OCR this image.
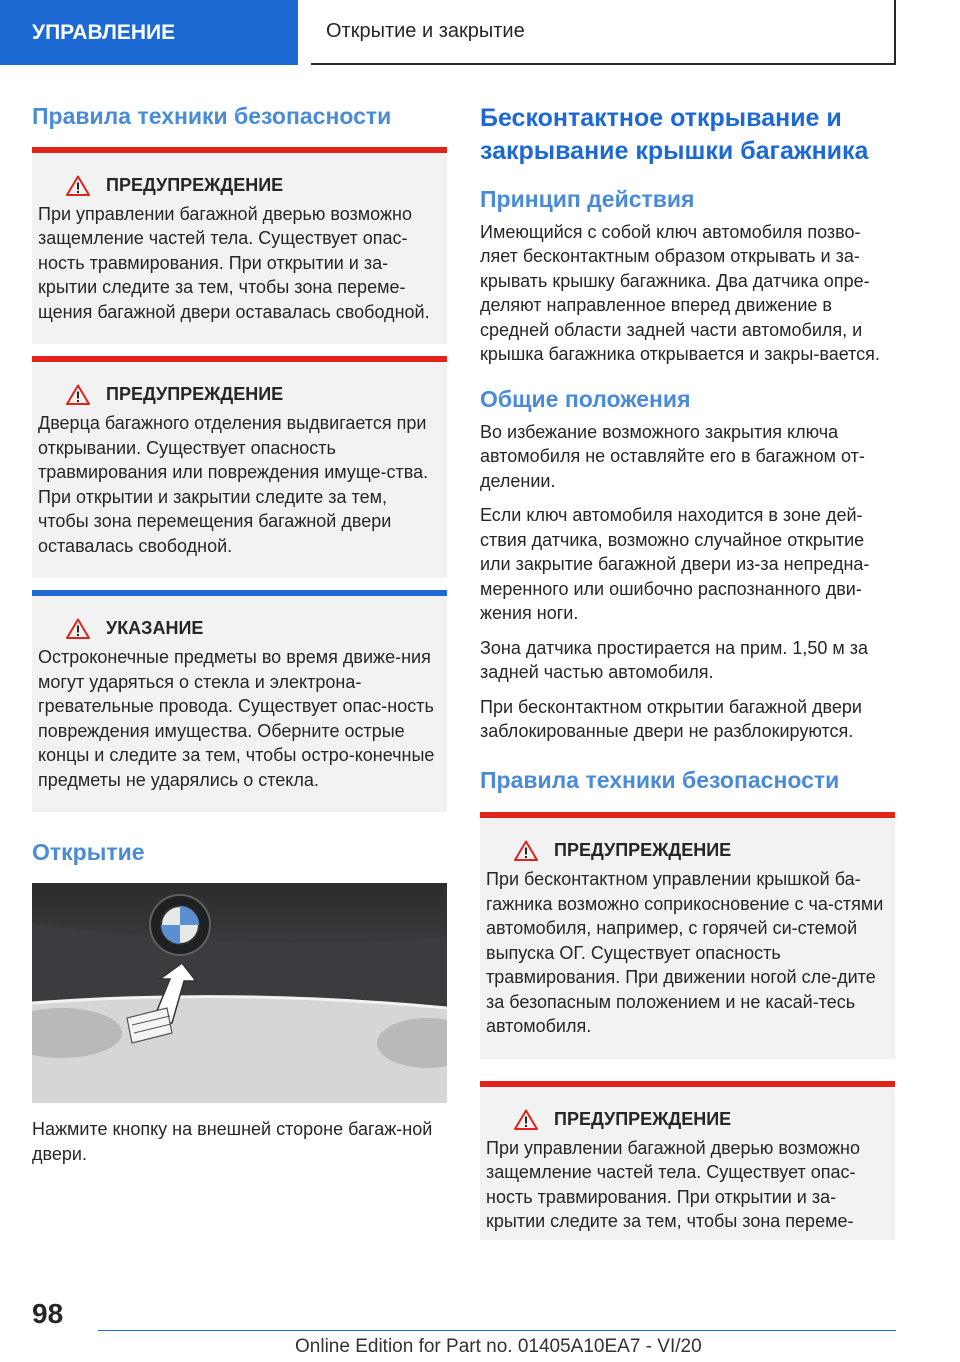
УПРАВЛЕНИЕ	Открытие и закрытие
Правила техники безопасности
ПРЕДУПРЕЖДЕНИЕ
При управлении багажной дверью возможно защемление частей тела. Существует опас-ность травмирования. При открытии и за-крытии следите за тем, чтобы зона переме-щения багажной двери оставалась свободной.
ПРЕДУПРЕЖДЕНИЕ
Дверца багажного отделения выдвигается при открывании. Существует опасность травмирования или повреждения имуще-ства. При открытии и закрытии следите за тем, чтобы зона перемещения багажной двери оставалась свободной.
УКАЗАНИЕ
Остроконечные предметы во время движе-ния могут ударяться о стекла и электрона-гревательные провода. Существует опас-ность повреждения имущества. Оберните острые концы и следите за тем, чтобы остро-конечные предметы не ударялись о стекла.
Открытие
Нажмите кнопку на внешней стороне багаж-ной двери.
Бесконтактное открывание и закрывание крышки багажника
Принцип действия
Имеющийся с собой ключ автомобиля позво-ляет бесконтактным образом открывать и за-крывать крышку багажника. Два датчика опре-деляют направленное вперед движение в средней области задней части автомобиля, и крышка багажника открывается и закры-вается.
Общие положения
Во избежание возможного закрытия ключа автомобиля не оставляйте его в багажном от-делении.
Если ключ автомобиля находится в зоне дей-ствия датчика, возможно случайное открытие или закрытие багажной двери из-за непредна-меренного или ошибочно распознанного дви-жения ноги.
Зона датчика простирается на прим. 1,50 м за задней частью автомобиля.
При бесконтактном открытии багажной двери заблокированные двери не разблокируются.
Правила техники безопасности
ПРЕДУПРЕЖДЕНИЕ
При бесконтактном управлении крышкой ба-гажника возможно соприкосновение с ча-стями автомобиля, например, с горячей си-стемой выпуска ОГ. Существует опасность травмирования. При движении ногой сле-дите за безопасным положением и не касай-тесь автомобиля.
ПРЕДУПРЕЖДЕНИЕ
При управлении багажной дверью возможно защемление частей тела. Существует опас-ность травмирования. При открытии и за-крытии следите за тем, чтобы зона переме-
98
Online Edition for Part no. 01405A10EA7 - VI/20
